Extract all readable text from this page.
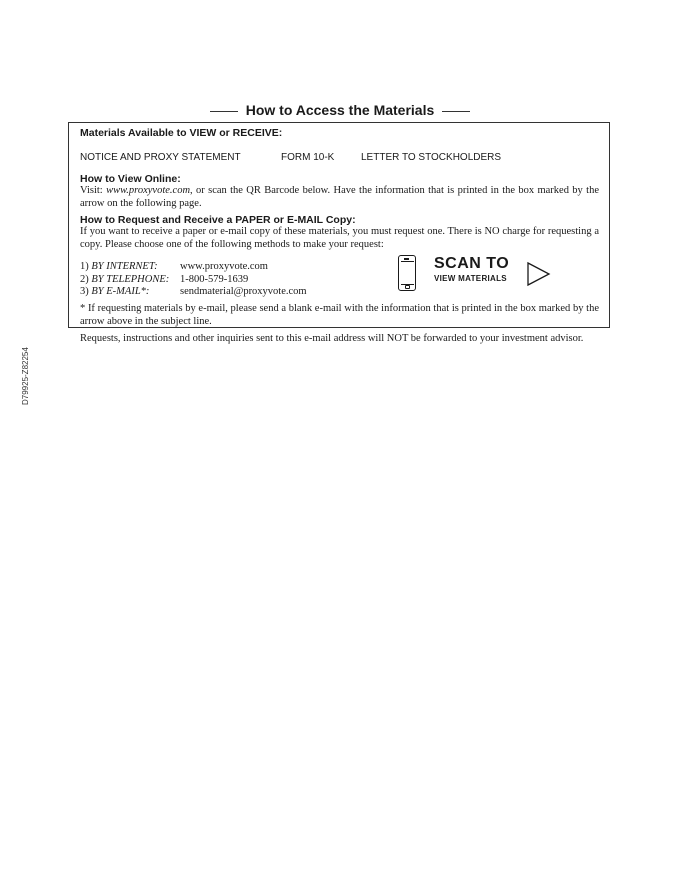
How to Access the Materials
Materials Available to VIEW or RECEIVE:
NOTICE AND PROXY STATEMENT	FORM 10-K	LETTER TO STOCKHOLDERS
How to View Online:
Visit: www.proxyvote.com, or scan the QR Barcode below. Have the information that is printed in the box marked by the arrow on the following page.
How to Request and Receive a PAPER or E-MAIL Copy:
If you want to receive a paper or e-mail copy of these materials, you must request one. There is NO charge for requesting a copy. Please choose one of the following methods to make your request:
1) BY INTERNET: www.proxyvote.com
2) BY TELEPHONE: 1-800-579-1639
3) BY E-MAIL*:	sendmaterial@proxyvote.com
SCAN TO
VIEW MATERIALS
* If requesting materials by e-mail, please send a blank e-mail with the information that is printed in the box marked by the arrow above in the subject line.
Requests, instructions and other inquiries sent to this e-mail address will NOT be forwarded to your investment advisor.
D79925-Z82254
